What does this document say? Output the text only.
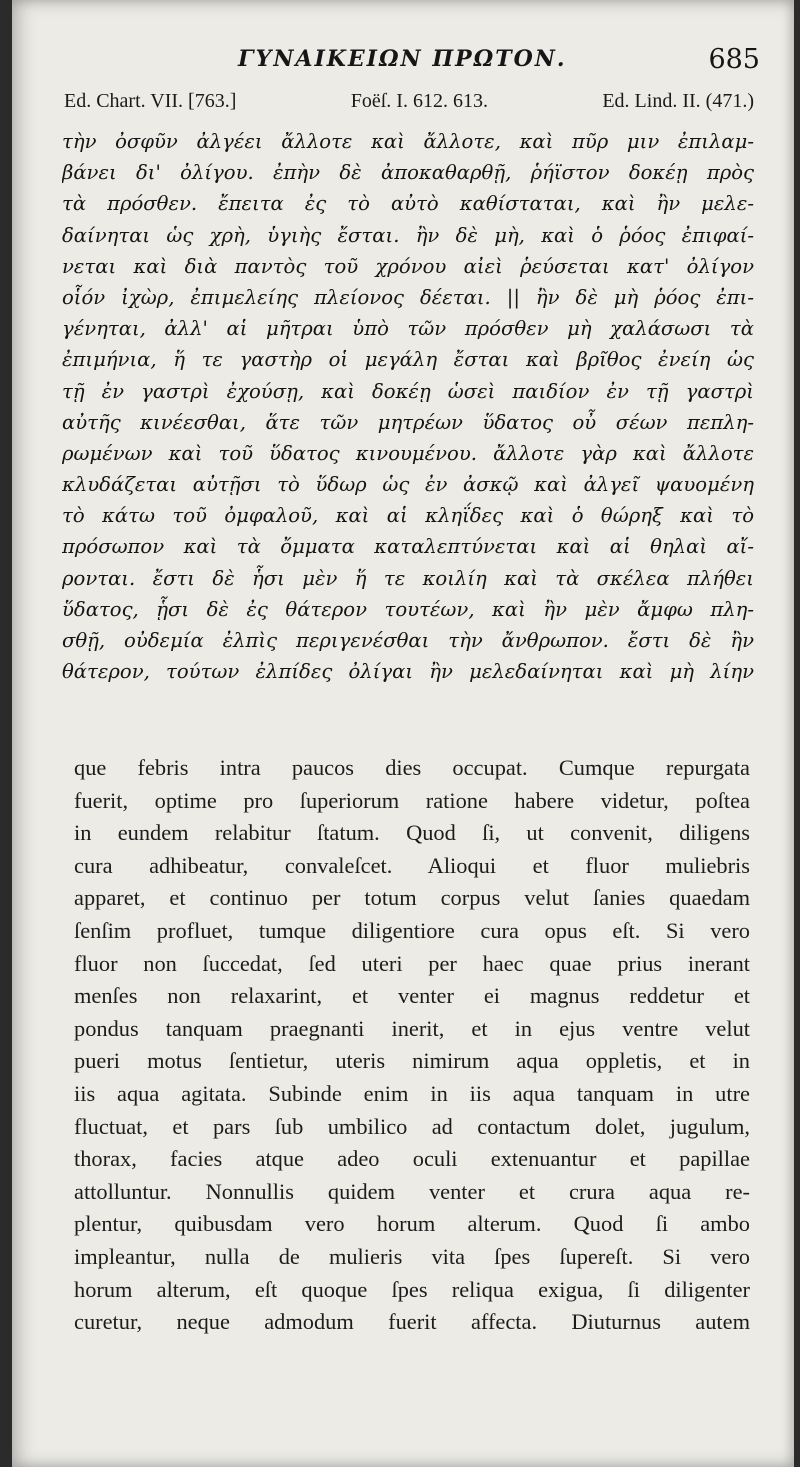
ΓΥΝΑΙΚΕΙΩΝ ΠΡΩΤΟΝ.	685
Ed. Chart. VII. [763.]	Foëſ. I. 612. 613.	Ed. Lind. II. (471.)
τὴν ὀσφῦν ἀλγέει ἄλλοτε καὶ ἄλλοτε, καὶ πῦρ μιν ἐπιλαμ-
βάνει δι' ὀλίγου. ἐπὴν δὲ ἀποκαθαρθῇ, ῥήϊστον δοκέῃ πρὸς
τὰ πρόσθεν. ἔπειτα ἐς τὸ αὐτὸ καθίσταται, καὶ ἢν μελε-
δαίνηται ὡς χρὴ, ὑγιὴς ἔσται. ἢν δὲ μὴ, καὶ ὁ ῥόος ἐπιφαί-
νεται καὶ διὰ παντὸς τοῦ χρόνου αἰεὶ ῥεύσεται κατ' ὀλίγον
οἷόν ἰχὼρ, ἐπιμελείης πλείονος δέεται. || ἢν δὲ μὴ ῥόος ἐπι-
γένηται, ἀλλ' αἱ μῆτραι ὑπὸ τῶν πρόσθεν μὴ χαλάσωσι τὰ
ἐπιμήνια, ἥ τε γαστὴρ οἱ μεγάλη ἔσται καὶ βρῖθος ἐνείη ὡς
τῇ ἐν γαστρὶ ἐχούσῃ, καὶ δοκέῃ ὡσεὶ παιδίον ἐν τῇ γαστρὶ
αὐτῆς κινέεσθαι, ἅτε τῶν μητρέων ὕδατος οὖ σέων πεπλη-
ρωμένων καὶ τοῦ ὕδατος κινουμένου. ἄλλοτε γὰρ καὶ ἄλλοτε
κλυδάζεται αὐτῇσι τὸ ὕδωρ ὡς ἐν ἀσκῷ καὶ ἀλγεῖ ψαυομένη
τὸ κάτω τοῦ ὀμφαλοῦ, καὶ αἱ κληΐδες καὶ ὁ θώρηξ καὶ τὸ
πρόσωπον καὶ τὰ ὄμματα καταλεπτύνεται καὶ αἱ θηλαὶ αἴ-
ρονται. ἔστι δὲ ἧσι μὲν ἥ τε κοιλίη καὶ τὰ σκέλεα πλήθει
ὕδατος, ᾗσι δὲ ἐς θάτερον τουτέων, καὶ ἢν μὲν ἄμφω πλη-
σθῇ, οὐδεμία ἐλπὶς περιγενέσθαι τὴν ἄνθρωπον. ἔστι δὲ ἢν
θάτερον, τούτων ἐλπίδες ὀλίγαι ἢν μελεδαίνηται καὶ μὴ λίην
que febris intra paucos dies occupat. Cumque repurgata
fuerit, optime pro ſuperiorum ratione habere videtur, poſtea
in eundem relabitur ſtatum. Quod ſi, ut convenit, diligens
cura adhibeatur, convaleſcet. Alioqui et fluor muliebris
apparet, et continuo per totum corpus velut ſanies quaedam
ſenſim profluet, tumque diligentiore cura opus eſt. Si vero
fluor non ſuccedat, ſed uteri per haec quae prius inerant
menſes non relaxarint, et venter ei magnus reddetur et
pondus tanquam praegnanti inerit, et in ejus ventre velut
pueri motus ſentietur, uteris nimirum aqua oppletis, et in
iis aqua agitata. Subinde enim in iis aqua tanquam in utre
fluctuat, et pars ſub umbilico ad contactum dolet, jugulum,
thorax, facies atque adeo oculi extenuantur et papillae
attolluntur. Nonnullis quidem venter et crura aqua re-
plentur, quibusdam vero horum alterum. Quod ſi ambo
impleantur, nulla de mulieris vita ſpes ſupereſt. Si vero
horum alterum, eſt quoque ſpes reliqua exigua, ſi diligenter
curetur, neque admodum fuerit affecta. Diuturnus autem
